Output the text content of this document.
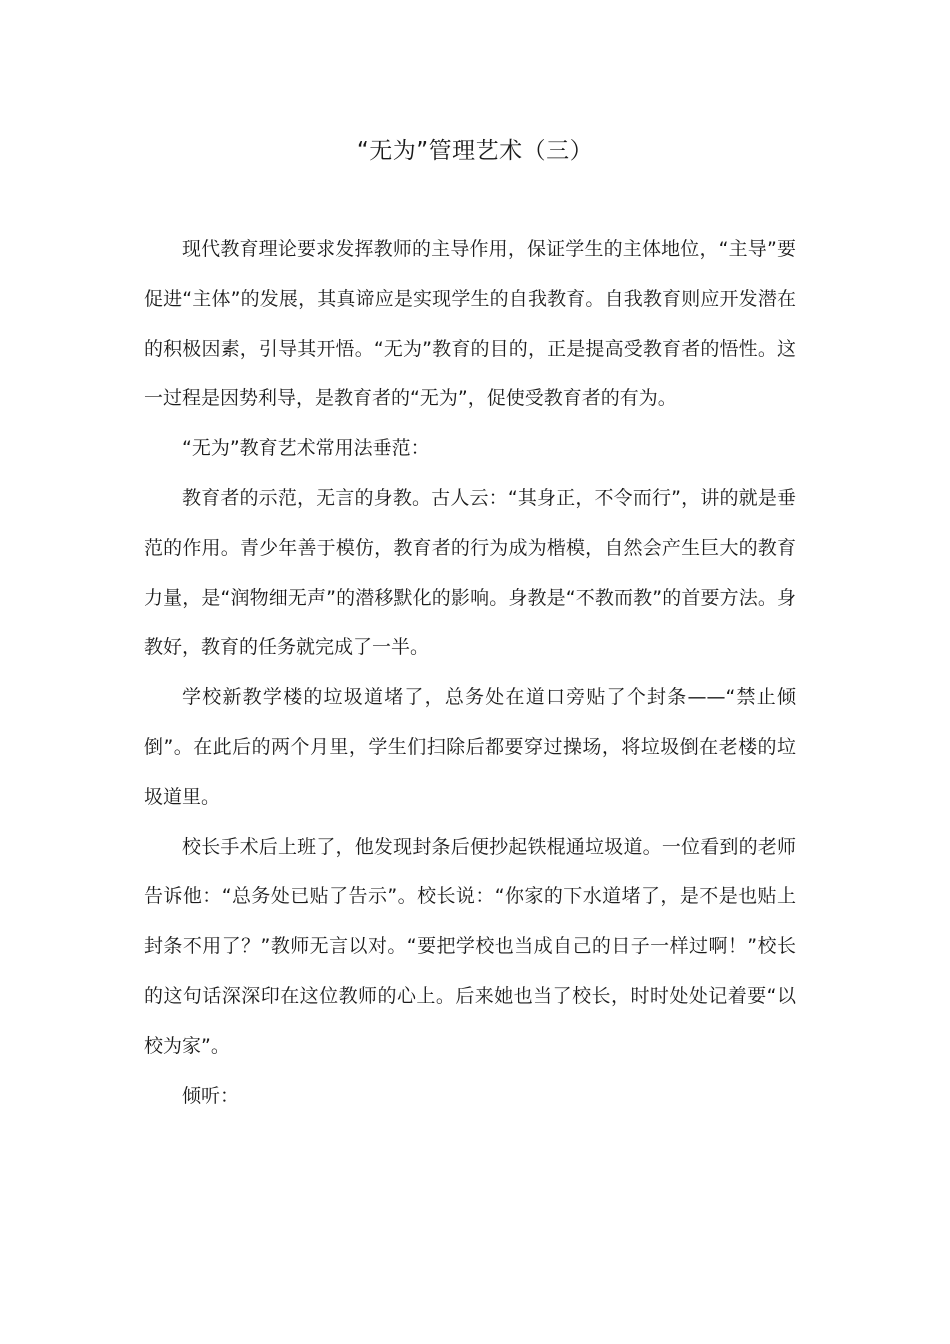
“无为”管理艺术（三）

现代教育理论要求发挥教师的主导作用，保证学生的主体地位，“主导”要促进“主体”的发展，其真谛应是实现学生的自我教育。自我教育则应开发潜在的积极因素，引导其开悟。“无为”教育的目的，正是提高受教育者的悟性。这一过程是因势利导，是教育者的“无为”，促使受教育者的有为。

“无为”教育艺术常用法垂范：

教育者的示范，无言的身教。古人云：“其身正，不令而行”，讲的就是垂范的作用。青少年善于模仿，教育者的行为成为楷模，自然会产生巨大的教育力量，是“润物细无声”的潜移默化的影响。身教是“不教而教”的首要方法。身教好，教育的任务就完成了一半。

学校新教学楼的垃圾道堵了，总务处在道口旁贴了个封条——“禁止倾倒”。在此后的两个月里，学生们扫除后都要穿过操场，将垃圾倒在老楼的垃圾道里。

校长手术后上班了，他发现封条后便抄起铁棍通垃圾道。一位看到的老师告诉他：“总务处已贴了告示”。校长说：“你家的下水道堵了，是不是也贴上封条不用了？”教师无言以对。“要把学校也当成自己的日子一样过啊！”校长的这句话深深印在这位教师的心上。后来她也当了校长，时时处处记着要“以校为家”。

倾听：
